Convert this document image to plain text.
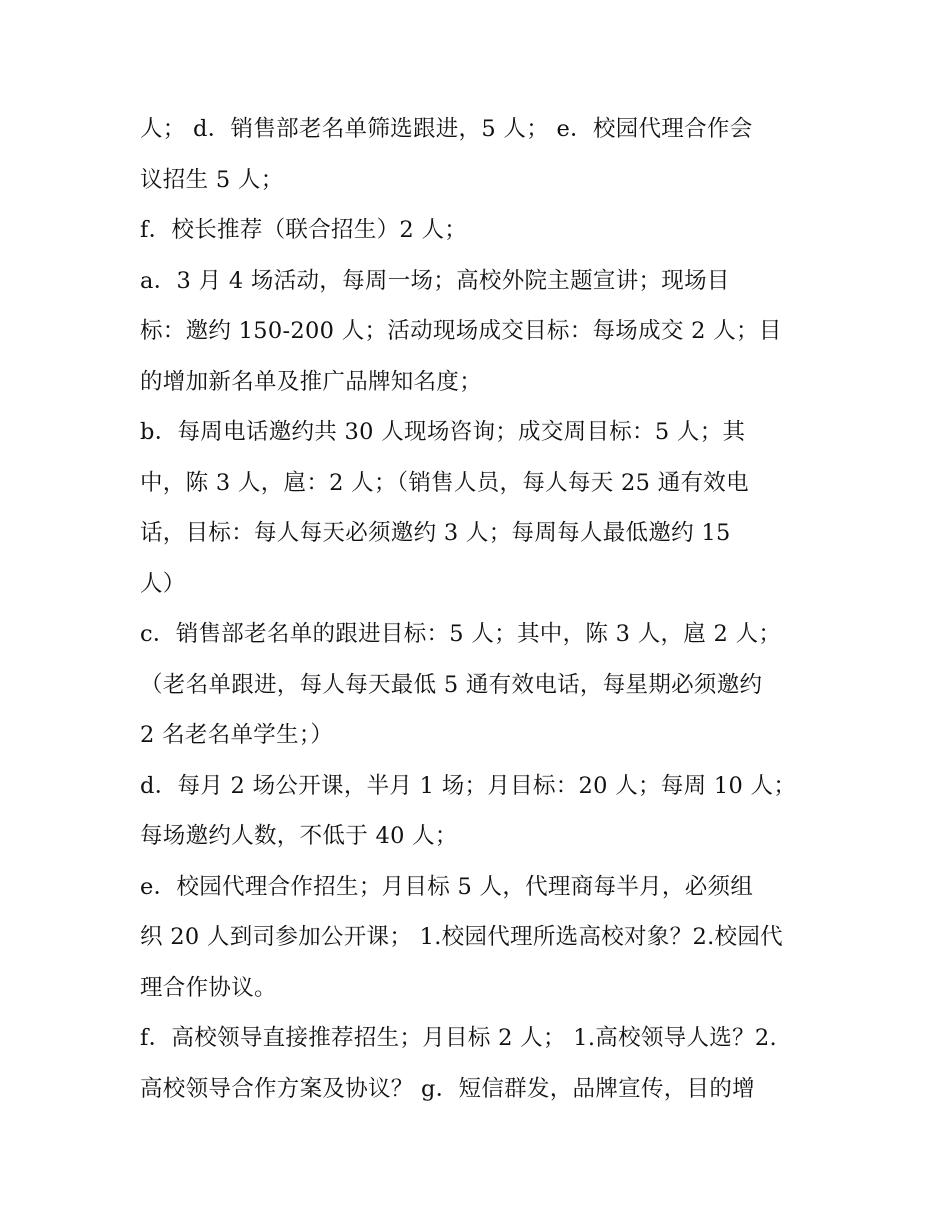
人； d．销售部老名单筛选跟进，5 人； e．校园代理合作会
议招生 5 人；
f．校长推荐（联合招生）2 人；
a．3 月 4 场活动，每周一场；高校外院主题宣讲；现场目
标：邀约 150-200 人；活动现场成交目标：每场成交 2 人；目
的增加新名单及推广品牌知名度；
b．每周电话邀约共 30 人现场咨询；成交周目标：5 人；其
中，陈 3 人，扈：2 人；（销售人员，每人每天 25 通有效电
话，目标：每人每天必须邀约 3 人；每周每人最低邀约 15
人）
c．销售部老名单的跟进目标：5 人；其中，陈 3 人，扈 2 人；
（老名单跟进，每人每天最低 5 通有效电话，每星期必须邀约
2 名老名单学生；）
d．每月 2 场公开课，半月 1 场；月目标：20 人；每周 10 人；
每场邀约人数，不低于 40 人；
e．校园代理合作招生；月目标 5 人，代理商每半月，必须组
织 20 人到司参加公开课； 1.校园代理所选高校对象？2.校园代
理合作协议。
f．高校领导直接推荐招生；月目标 2 人； 1.高校领导人选？2.
高校领导合作方案及协议？ g．短信群发，品牌宣传，目的增
